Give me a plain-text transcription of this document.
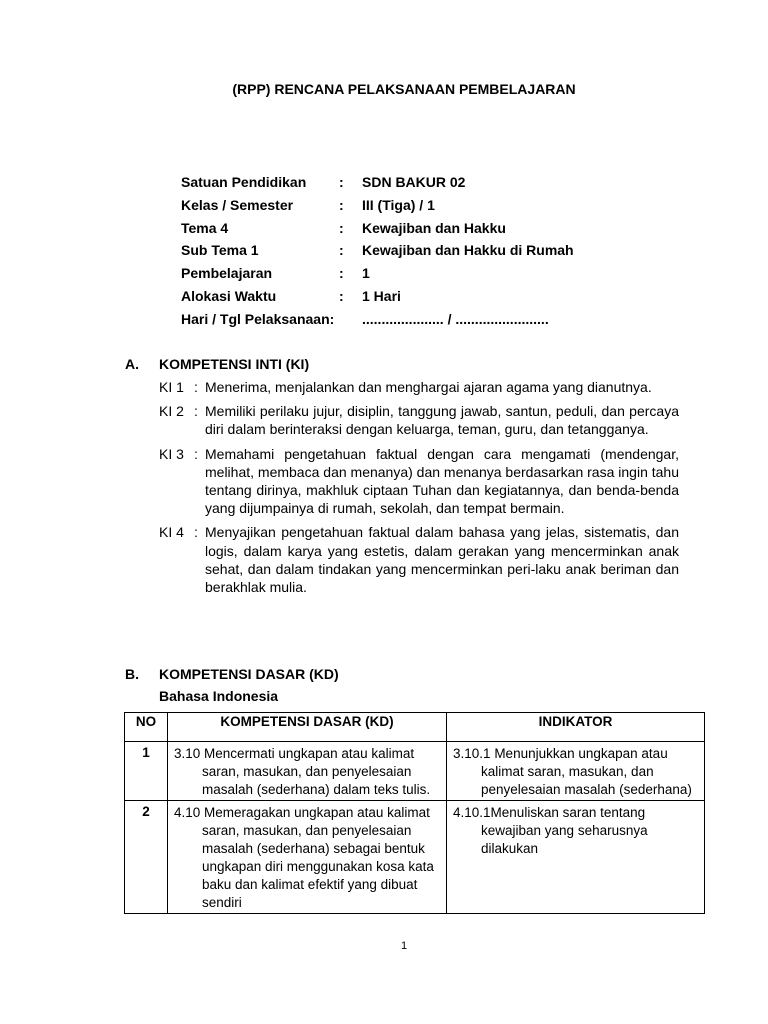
(RPP) RENCANA PELAKSANAAN PEMBELAJARAN
Satuan Pendidikan	:	SDN BAKUR 02
Kelas / Semester	:	III (Tiga) / 1
Tema 4	:	Kewajiban dan Hakku
Sub Tema 1	:	Kewajiban dan Hakku di Rumah
Pembelajaran	:	1
Alokasi Waktu	:	1 Hari
Hari / Tgl Pelaksanaan:	..................... / ........................
A.	KOMPETENSI INTI (KI)
KI 1 : Menerima, menjalankan dan menghargai ajaran agama yang dianutnya.
KI 2 : Memiliki perilaku jujur, disiplin, tanggung jawab, santun, peduli, dan percaya diri dalam berinteraksi dengan keluarga, teman, guru, dan tetangganya.
KI 3 : Memahami pengetahuan faktual dengan cara mengamati (mendengar, melihat, membaca dan menanya) dan menanya berdasarkan rasa ingin tahu tentang dirinya, makhluk ciptaan Tuhan dan kegiatannya, dan benda-benda yang dijumpainya di rumah, sekolah, dan tempat bermain.
KI 4 : Menyajikan pengetahuan faktual dalam bahasa yang jelas, sistematis, dan logis, dalam karya yang estetis, dalam gerakan yang mencerminkan anak sehat, dan dalam tindakan yang mencerminkan peri-laku anak beriman dan berakhlak mulia.
B.	KOMPETENSI DASAR (KD)
Bahasa Indonesia
NO	KOMPETENSI DASAR (KD)	INDIKATOR
1	3.10 Mencermati ungkapan atau kalimat saran, masukan, dan penyelesaian masalah (sederhana) dalam teks tulis.	3.10.1 Menunjukkan ungkapan atau kalimat saran, masukan, dan penyelesaian masalah (sederhana)

2	4.10 Memeragakan ungkapan atau kalimat saran, masukan, dan penyelesaian masalah (sederhana) sebagai bentuk ungkapan diri menggunakan kosa kata baku dan kalimat efektif yang dibuat sendiri	4.10.1Menuliskan saran tentang kewajiban yang seharusnya dilakukan
1
